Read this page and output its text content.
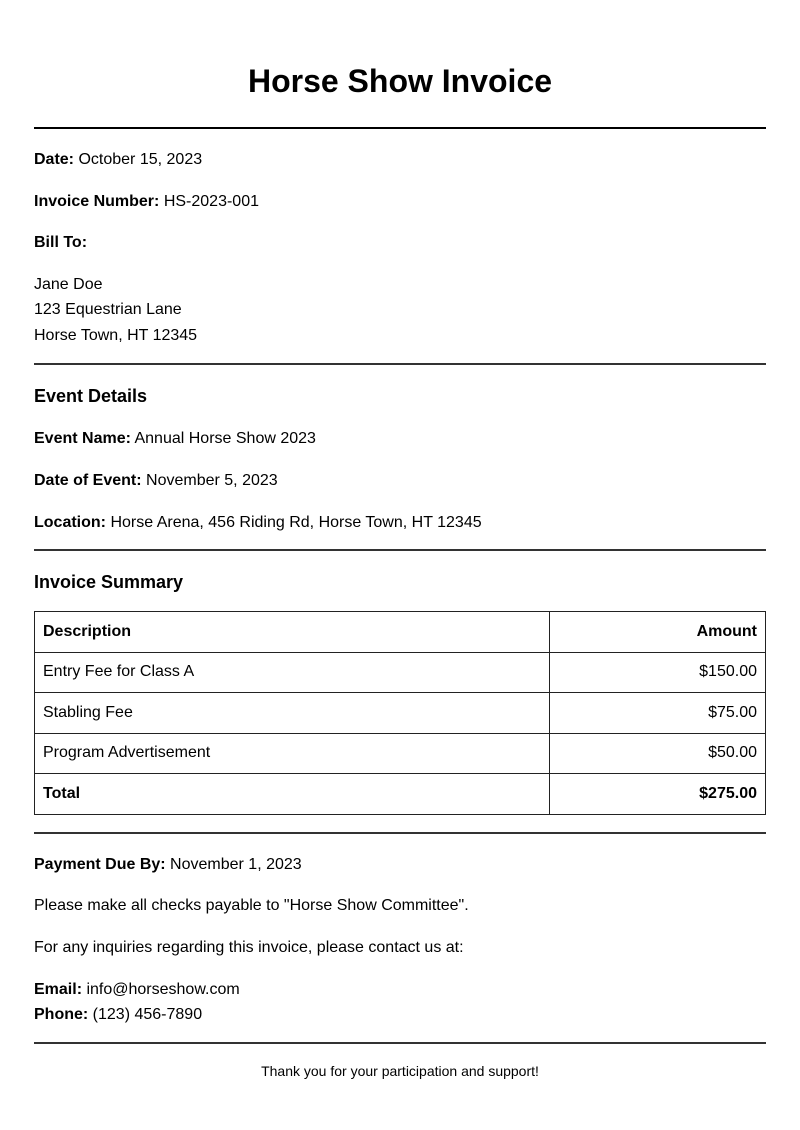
Horse Show Invoice
Date: October 15, 2023
Invoice Number: HS-2023-001
Bill To:
Jane Doe
123 Equestrian Lane
Horse Town, HT 12345
Event Details
Event Name: Annual Horse Show 2023
Date of Event: November 5, 2023
Location: Horse Arena, 456 Riding Rd, Horse Town, HT 12345
Invoice Summary
Description	Amount
Entry Fee for Class A	$150.00
Stabling Fee	$75.00
Program Advertisement	$50.00
Total	$275.00
Payment Due By: November 1, 2023
Please make all checks payable to "Horse Show Committee".
For any inquiries regarding this invoice, please contact us at:
Email: info@horseshow.com
Phone: (123) 456-7890
Thank you for your participation and support!
